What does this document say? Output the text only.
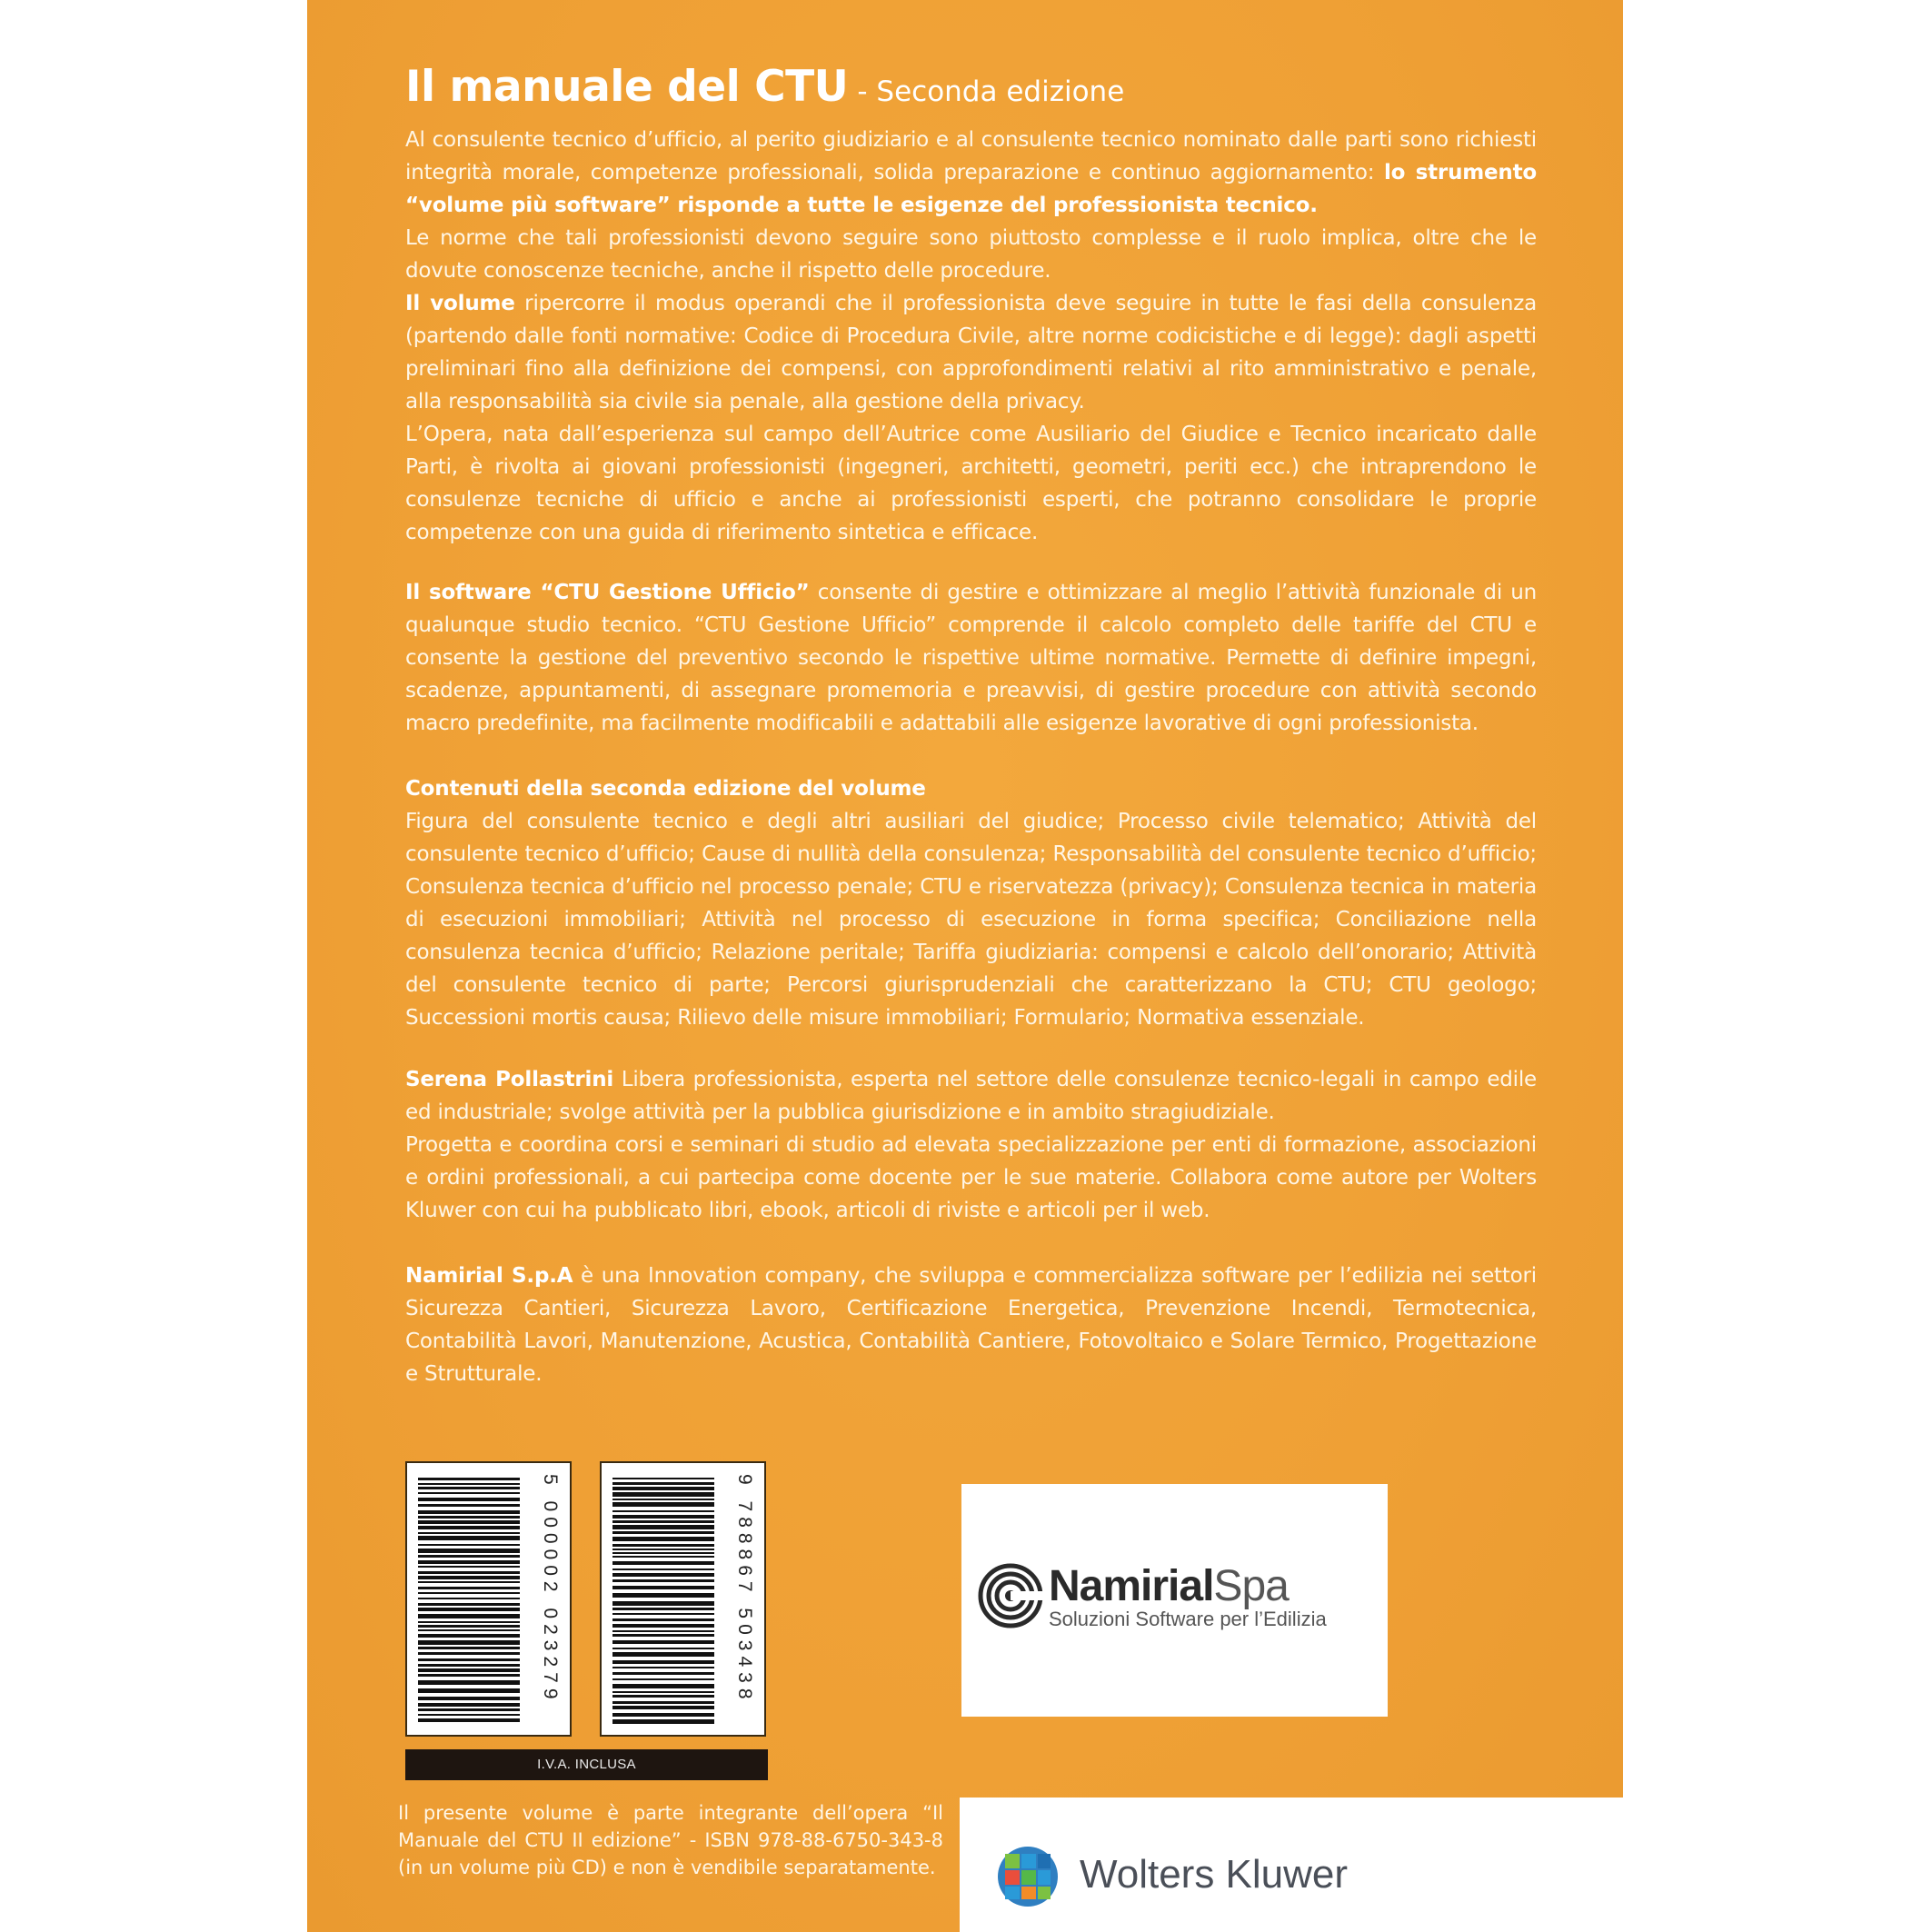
Il manuale del CTU - Seconda edizione

Al consulente tecnico d’ufficio, al perito giudiziario e al consulente tecnico nominato dalle parti sono richiesti integrità morale, competenze professionali, solida preparazione e continuo aggiornamento: lo strumento “volume più software” risponde a tutte le esigenze del professionista tecnico.

Le norme che tali professionisti devono seguire sono piuttosto complesse e il ruolo implica, oltre che le dovute conoscenze tecniche, anche il rispetto delle procedure.

Il volume ripercorre il modus operandi che il professionista deve seguire in tutte le fasi della consulenza (partendo dalle fonti normative: Codice di Procedura Civile, altre norme codicistiche e di legge): dagli aspetti preliminari fino alla definizione dei compensi, con approfondimenti relativi al rito amministrativo e penale, alla responsabilità sia civile sia penale, alla gestione della privacy.

L’Opera, nata dall’esperienza sul campo dell’Autrice come Ausiliario del Giudice e Tecnico incaricato dalle Parti, è rivolta ai giovani professionisti (ingegneri, architetti, geometri, periti ecc.) che intraprendono le consulenze tecniche di ufficio e anche ai professionisti esperti, che potranno consolidare le proprie competenze con una guida di riferimento sintetica e efficace.

Il software “CTU Gestione Ufficio” consente di gestire e ottimizzare al meglio l’attività funzionale di un qualunque studio tecnico. “CTU Gestione Ufficio” comprende il calcolo completo delle tariffe del CTU e consente la gestione del preventivo secondo le rispettive ultime normative. Permette di definire impegni, scadenze, appuntamenti, di assegnare promemoria e preavvisi, di gestire procedure con attività secondo macro predefinite, ma facilmente modificabili e adattabili alle esigenze lavorative di ogni professionista.

Contenuti della seconda edizione del volume

Figura del consulente tecnico e degli altri ausiliari del giudice; Processo civile telematico; Attività del consulente tecnico d’ufficio; Cause di nullità della consulenza; Responsabilità del consulente tecnico d’ufficio; Consulenza tecnica d’ufficio nel processo penale; CTU e riservatezza (privacy); Consulenza tecnica in materia di esecuzioni immobiliari; Attività nel processo di esecuzione in forma specifica; Conciliazione nella consulenza tecnica d’ufficio; Relazione peritale; Tariffa giudiziaria: compensi e calcolo dell’onorario; Attività del consulente tecnico di parte; Percorsi giurisprudenziali che caratterizzano la CTU; CTU geologo; Successioni mortis causa; Rilievo delle misure immobiliari; Formulario; Normativa essenziale.

Serena Pollastrini Libera professionista, esperta nel settore delle consulenze tecnico-legali in campo edile ed industriale; svolge attività per la pubblica giurisdizione e in ambito stragiudiziale.

Progetta e coordina corsi e seminari di studio ad elevata specializzazione per enti di formazione, associazioni e ordini professionali, a cui partecipa come docente per le sue materie. Collabora come autore per Wolters Kluwer con cui ha pubblicato libri, ebook, articoli di riviste e articoli per il web.

Namirial S.p.A è una Innovation company, che sviluppa e commercializza software per l’edilizia nei settori Sicurezza Cantieri, Sicurezza Lavoro, Certificazione Energetica, Prevenzione Incendi, Termotecnica, Contabilità Lavori, Manutenzione, Acustica, Contabilità Cantiere, Fotovoltaico e Solare Termico, Progettazione e Strutturale.

5 000002 023279	9 788867 503438
I.V.A. INCLUSA
Il presente volume è parte integrante dell’opera “Il Manuale del CTU II edizione” - ISBN 978-88-6750-343-8 (in un volume più CD) e non è vendibile separatamente.
NamirialSpa
Soluzioni Software per l’Edilizia
Wolters Kluwer
